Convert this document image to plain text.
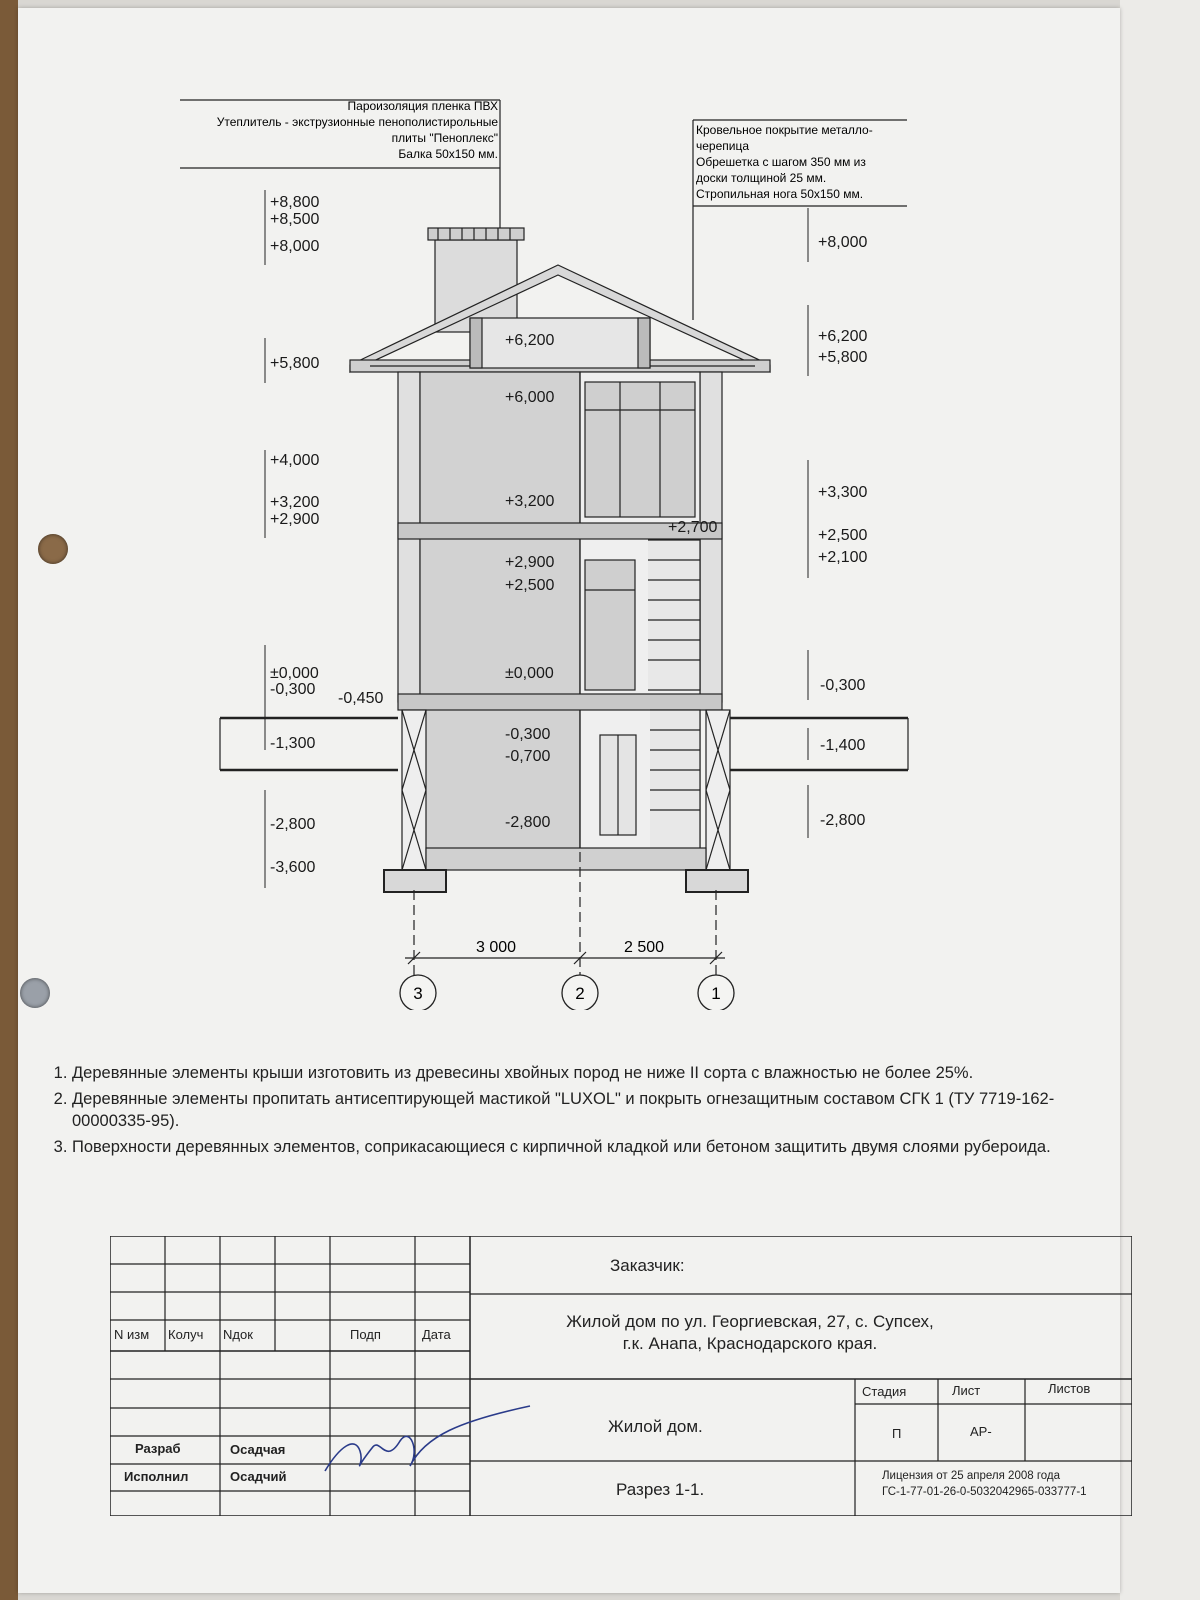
Пароизоляция пленка ПВХ
Утеплитель - экструзионные пенополистирольные
плиты "Пеноплекс"
Балка 50х150 мм.
Кровельное покрытие металло-
черепица
Обрешетка с шагом 350 мм из
доски толщиной 25 мм.
Стропильная нога 50х150 мм.
+8,800
+8,500
+8,000
+5,800
+4,000
+3,200
+2,900
±0,000
-0,300
-0,450
-1,300
-2,800
-3,600
+6,200
+6,000
+3,200
+2,700
+2,900
+2,500
±0,000
-0,300
-0,700
-2,800
+8,000
+6,200
+5,800
+3,300
+2,500
+2,100
-0,300
-1,400
-2,800
3 000	2 500
3	2	1
1. Деревянные элементы крыши изготовить из древесины хвойных пород не ниже II сорта с влажностью не более 25%.
2. Деревянные элементы пропитать антисептирующей мастикой "LUXOL" и покрыть огнезащитным составом СГК 1 (ТУ 7719-162-00000335-95).
3. Поверхности деревянных элементов, соприкасающиеся с кирпичной кладкой или бетоном защитить двумя слоями рубероида.
N изм Колуч Nдок	Подп	Дата
Разраб	Осадчая
Исполнил	Осадчий
Заказчик:
Жилой дом по ул. Георгиевская, 27, с. Супсех,
г.к. Анапа, Краснодарского края.
Жилой дом.
Разрез 1-1.
Стадия	Лист	Листов
П	АР-
Лицензия от 25 апреля 2008 года
ГС-1-77-01-26-0-5032042965-033777-1
